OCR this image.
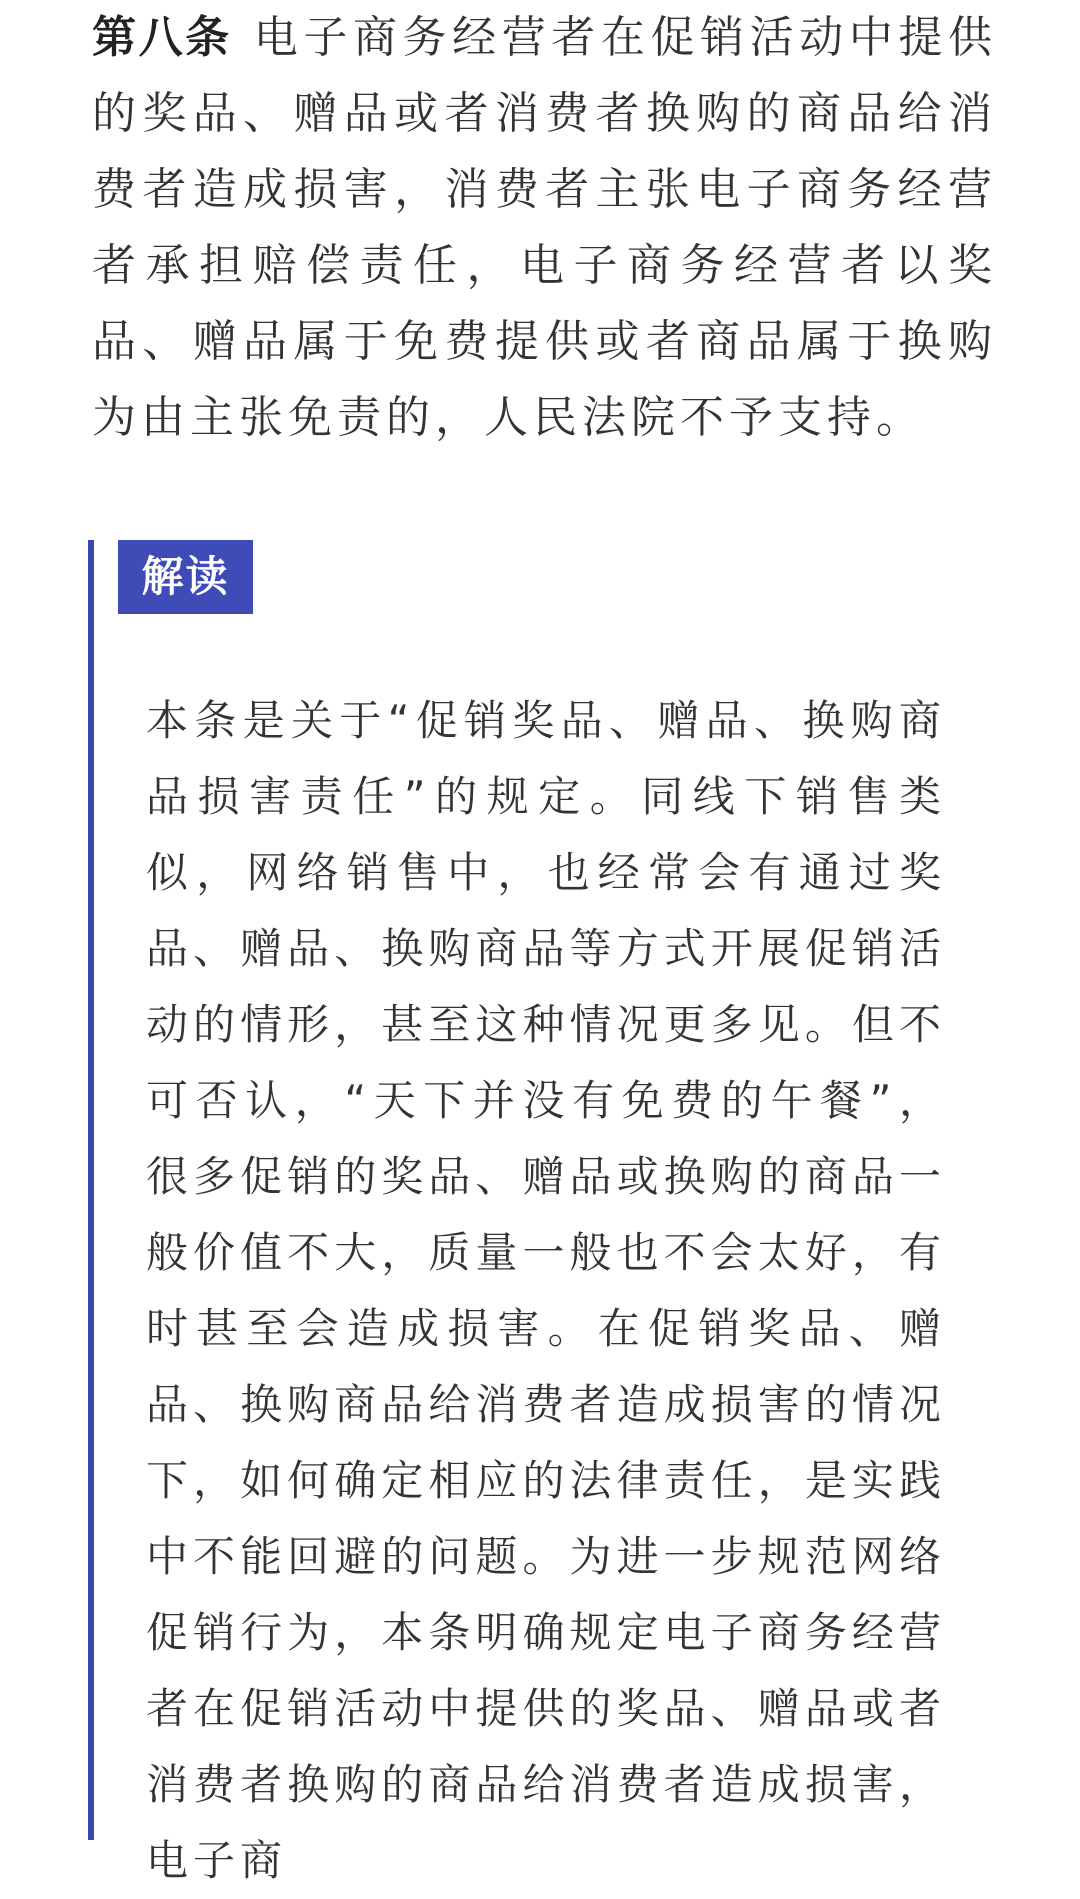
第八条 电子商务经营者在促销活动中提供的奖品、赠品或者消费者换购的商品给消费者造成损害，消费者主张电子商务经营者承担赔偿责任，电子商务经营者以奖品、赠品属于免费提供或者商品属于换购为由主张免责的，人民法院不予支持。

解读

本条是关于“促销奖品、赠品、换购商品损害责任”的规定。同线下销售类似，网络销售中，也经常会有通过奖品、赠品、换购商品等方式开展促销活动的情形，甚至这种情况更多见。但不可否认，“天下并没有免费的午餐”，很多促销的奖品、赠品或换购的商品一般价值不大，质量一般也不会太好，有时甚至会造成损害。在促销奖品、赠品、换购商品给消费者造成损害的情况下，如何确定相应的法律责任，是实践中不能回避的问题。为进一步规范网络促销行为，本条明确规定电子商务经营者在促销活动中提供的奖品、赠品或者消费者换购的商品给消费者造成损害，电子商
